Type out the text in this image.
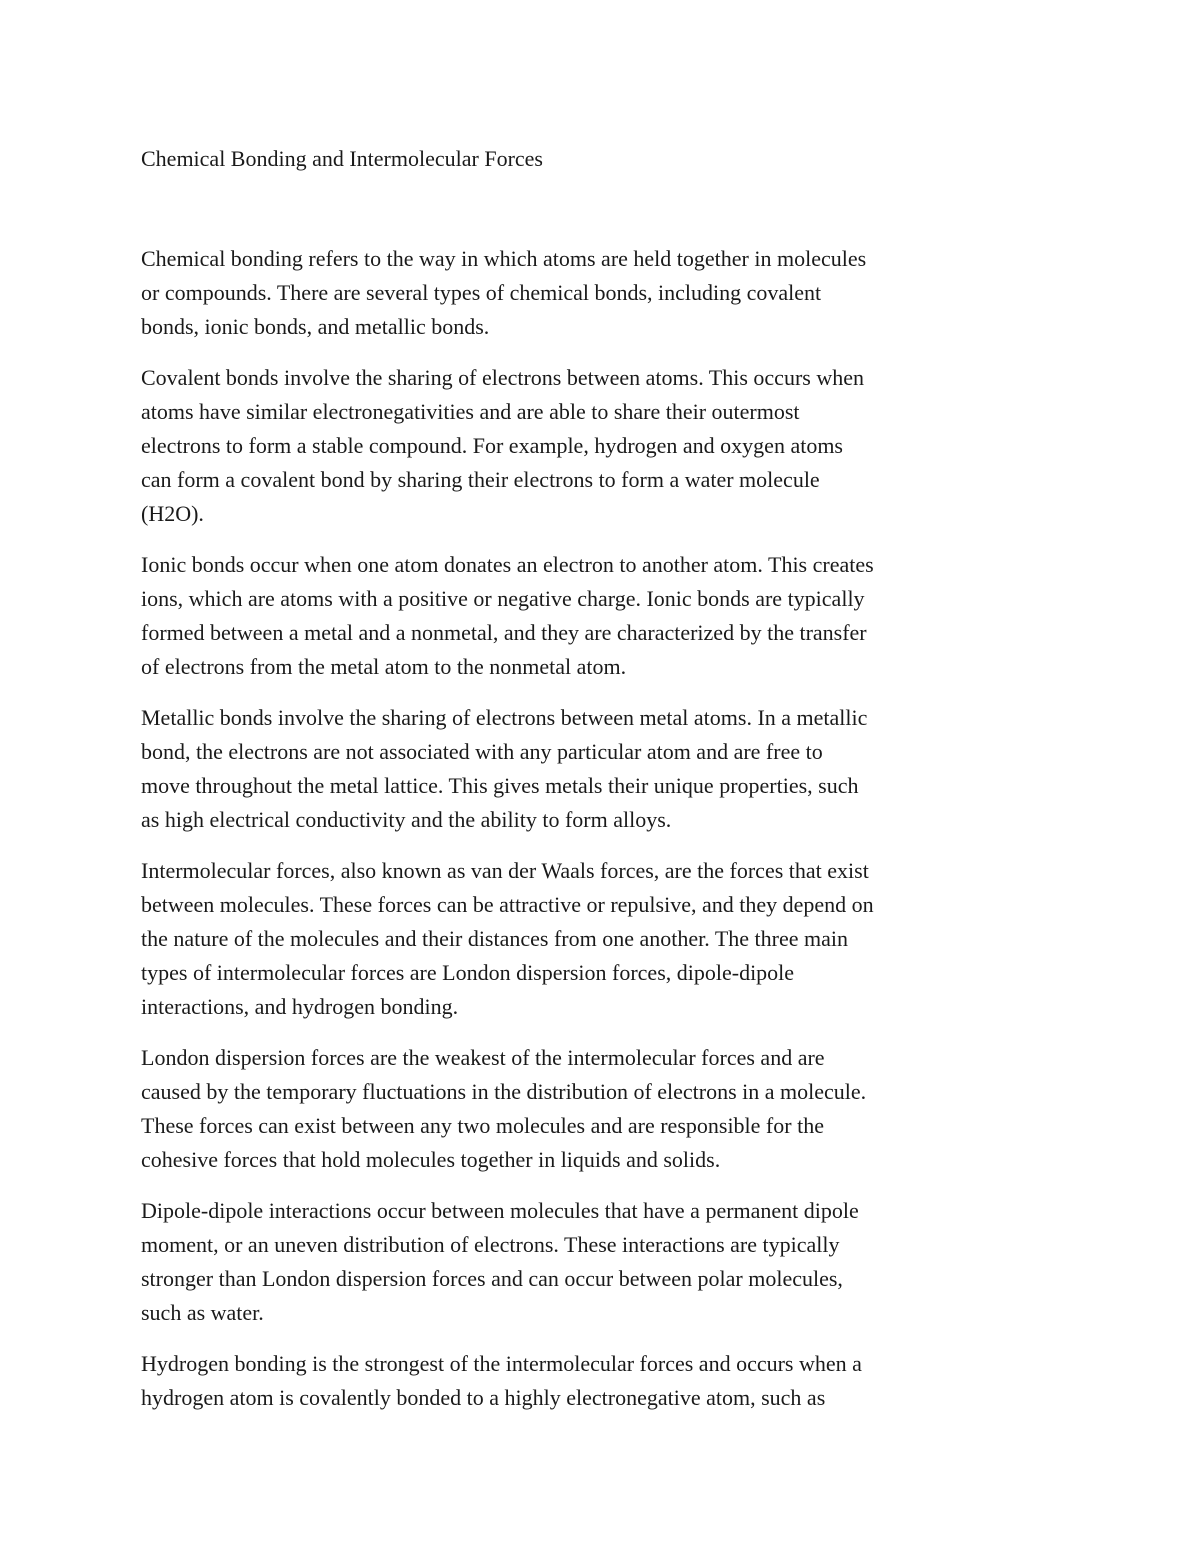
Chemical Bonding and Intermolecular Forces

Chemical bonding refers to the way in which atoms are held together in molecules
or compounds. There are several types of chemical bonds, including covalent
bonds, ionic bonds, and metallic bonds.

Covalent bonds involve the sharing of electrons between atoms. This occurs when
atoms have similar electronegativities and are able to share their outermost
electrons to form a stable compound. For example, hydrogen and oxygen atoms
can form a covalent bond by sharing their electrons to form a water molecule
(H2O).

Ionic bonds occur when one atom donates an electron to another atom. This creates
ions, which are atoms with a positive or negative charge. Ionic bonds are typically
formed between a metal and a nonmetal, and they are characterized by the transfer
of electrons from the metal atom to the nonmetal atom.

Metallic bonds involve the sharing of electrons between metal atoms. In a metallic
bond, the electrons are not associated with any particular atom and are free to
move throughout the metal lattice. This gives metals their unique properties, such
as high electrical conductivity and the ability to form alloys.

Intermolecular forces, also known as van der Waals forces, are the forces that exist
between molecules. These forces can be attractive or repulsive, and they depend on
the nature of the molecules and their distances from one another. The three main
types of intermolecular forces are London dispersion forces, dipole-dipole
interactions, and hydrogen bonding.

London dispersion forces are the weakest of the intermolecular forces and are
caused by the temporary fluctuations in the distribution of electrons in a molecule.
These forces can exist between any two molecules and are responsible for the
cohesive forces that hold molecules together in liquids and solids.

Dipole-dipole interactions occur between molecules that have a permanent dipole
moment, or an uneven distribution of electrons. These interactions are typically
stronger than London dispersion forces and can occur between polar molecules,
such as water.

Hydrogen bonding is the strongest of the intermolecular forces and occurs when a
hydrogen atom is covalently bonded to a highly electronegative atom, such as
